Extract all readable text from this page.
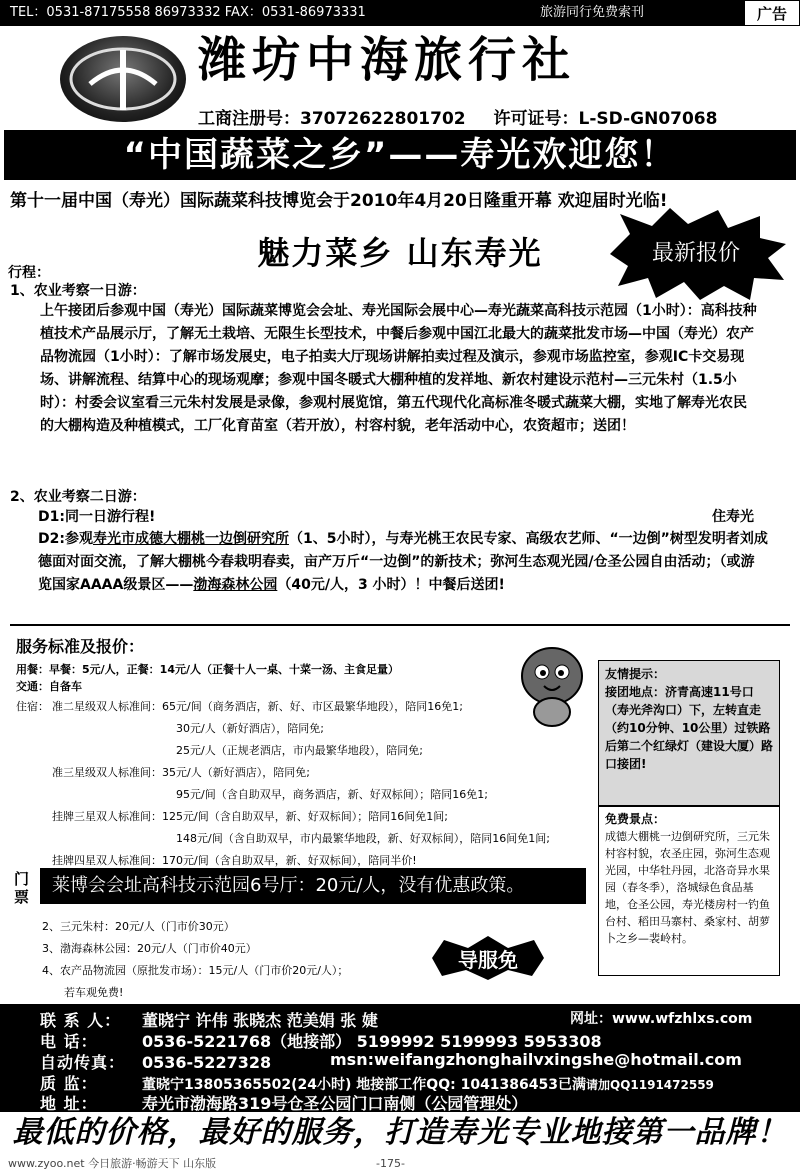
TEL：0531-87175558 86973332 FAX：0531-86973331	旅游同行免费索刊	广告
潍坊中海旅行社
工商注册号：37072622801702 许可证号：L-SD-GN07068
“中国蔬菜之乡”——寿光欢迎您！
第十一届中国（寿光）国际蔬菜科技博览会于2010年4月20日隆重开幕 欢迎届时光临!
魅力菜乡 山东寿光	最新报价
行程：
1、农业考察一日游：
上午接团后参观中国（寿光）国际蔬菜博览会会址、寿光国际会展中心—寿光蔬菜高科技示范园（1小时）：高科技种植技术产品展示厅，了解无土栽培、无限生长型技术，中餐后参观中国江北最大的蔬菜批发市场—中国（寿光）农产品物流园（1小时）：了解市场发展史，电子拍卖大厅现场讲解拍卖过程及演示，参观市场监控室，参观IC卡交易现场、讲解流程、结算中心的现场观摩；参观中国冬暖式大棚种植的发祥地、新农村建设示范村—三元朱村（1.5小时）：村委会议室看三元朱村发展是录像，参观村展览馆，第五代现代化高标准冬暖式蔬菜大棚，实地了解寿光农民的大棚构造及种植模式，工厂化育苗室（若开放），村容村貌，老年活动中心，农资超市；送团！
2、农业考察二日游：
D1:同一日游行程!	住寿光
D2:参观寿光市成德大棚桃一边倒研究所（1、5小时），与寿光桃王农民专家、高级农艺师、“一边倒”树型发明者刘成德面对面交流，了解大棚桃今春栽明春卖，亩产万斤“一边倒”的新技术；弥河生态观光园/仓圣公园自由活动；（或游览国家AAAA级景区——渤海森林公园（40元/人，3 小时）！中餐后送团!
服务标准及报价：
用餐：早餐：5元/人，正餐：14元/人（正餐十人一桌、十菜一汤、主食足量）
交通：自备车
住宿： 准二星级双人标准间：65元/间（商务酒店，新、好、市区最繁华地段），陪同16免1;
30元/人（新好酒店），陪同免;
25元/人（正规老酒店，市内最繁华地段），陪同免;
准三星级双人标准间：35元/人（新好酒店），陪同免;
95元/间（含自助双早，商务酒店，新、好双标间）；陪同16免1;
挂牌三星双人标准间：125元/间（含自助双早，新、好双标间）；陪同16间免1间;
148元/间（含自助双早，市内最繁华地段，新、好双标间），陪同16间免1间;
挂牌四星双人标准间：170元/间（含自助双早，新、好双标间），陪同半价!
友情提示：
接团地点：济青高速11号口（寿光斧沟口）下，左转直走（约10分钟、10公里）过铁路后第二个红绿灯（建设大厦）路口接团!
免费景点：
成德大棚桃一边倒研究所，三元朱村容村貌，农圣庄园，弥河生态观光园，中华牡丹园，北洛奇异水果园（春冬季），洛城绿色食品基地，仓圣公园，寿光楼房村一钓鱼台村、稻田马寨村、桑家村、胡萝卜之乡—裴岭村。
门票
莱博会会址高科技示范园6号厅：20元/人，没有优惠政策。
2、三元朱村：20元/人（门市价30元）
3、渤海森林公园：20元/人（门市价40元）
4、农产品物流园（原批发市场）：15元/人（门市价20元/人）；
若车观免费!
导服免
联 系 人： 董晓宁 许伟 张晓杰 范美娟 张 婕	网址：www.wfzhlxs.com
电 话：	0536-5221768（地接部） 5199992 5199993 5953308
自动传真： 0536-5227328	msn:weifangzhonghailvxingshe@hotmail.com
质 监：	董晓宁13805365502(24小时) 地接部工作QQ: 1041386453已满请加QQ1191472559
地 址：	寿光市渤海路319号仓圣公园门口南侧（公园管理处）
最低的价格，最好的服务，打造寿光专业地接第一品牌！
www.zyoo.net 今日旅游·畅游天下 山东版	-175-
